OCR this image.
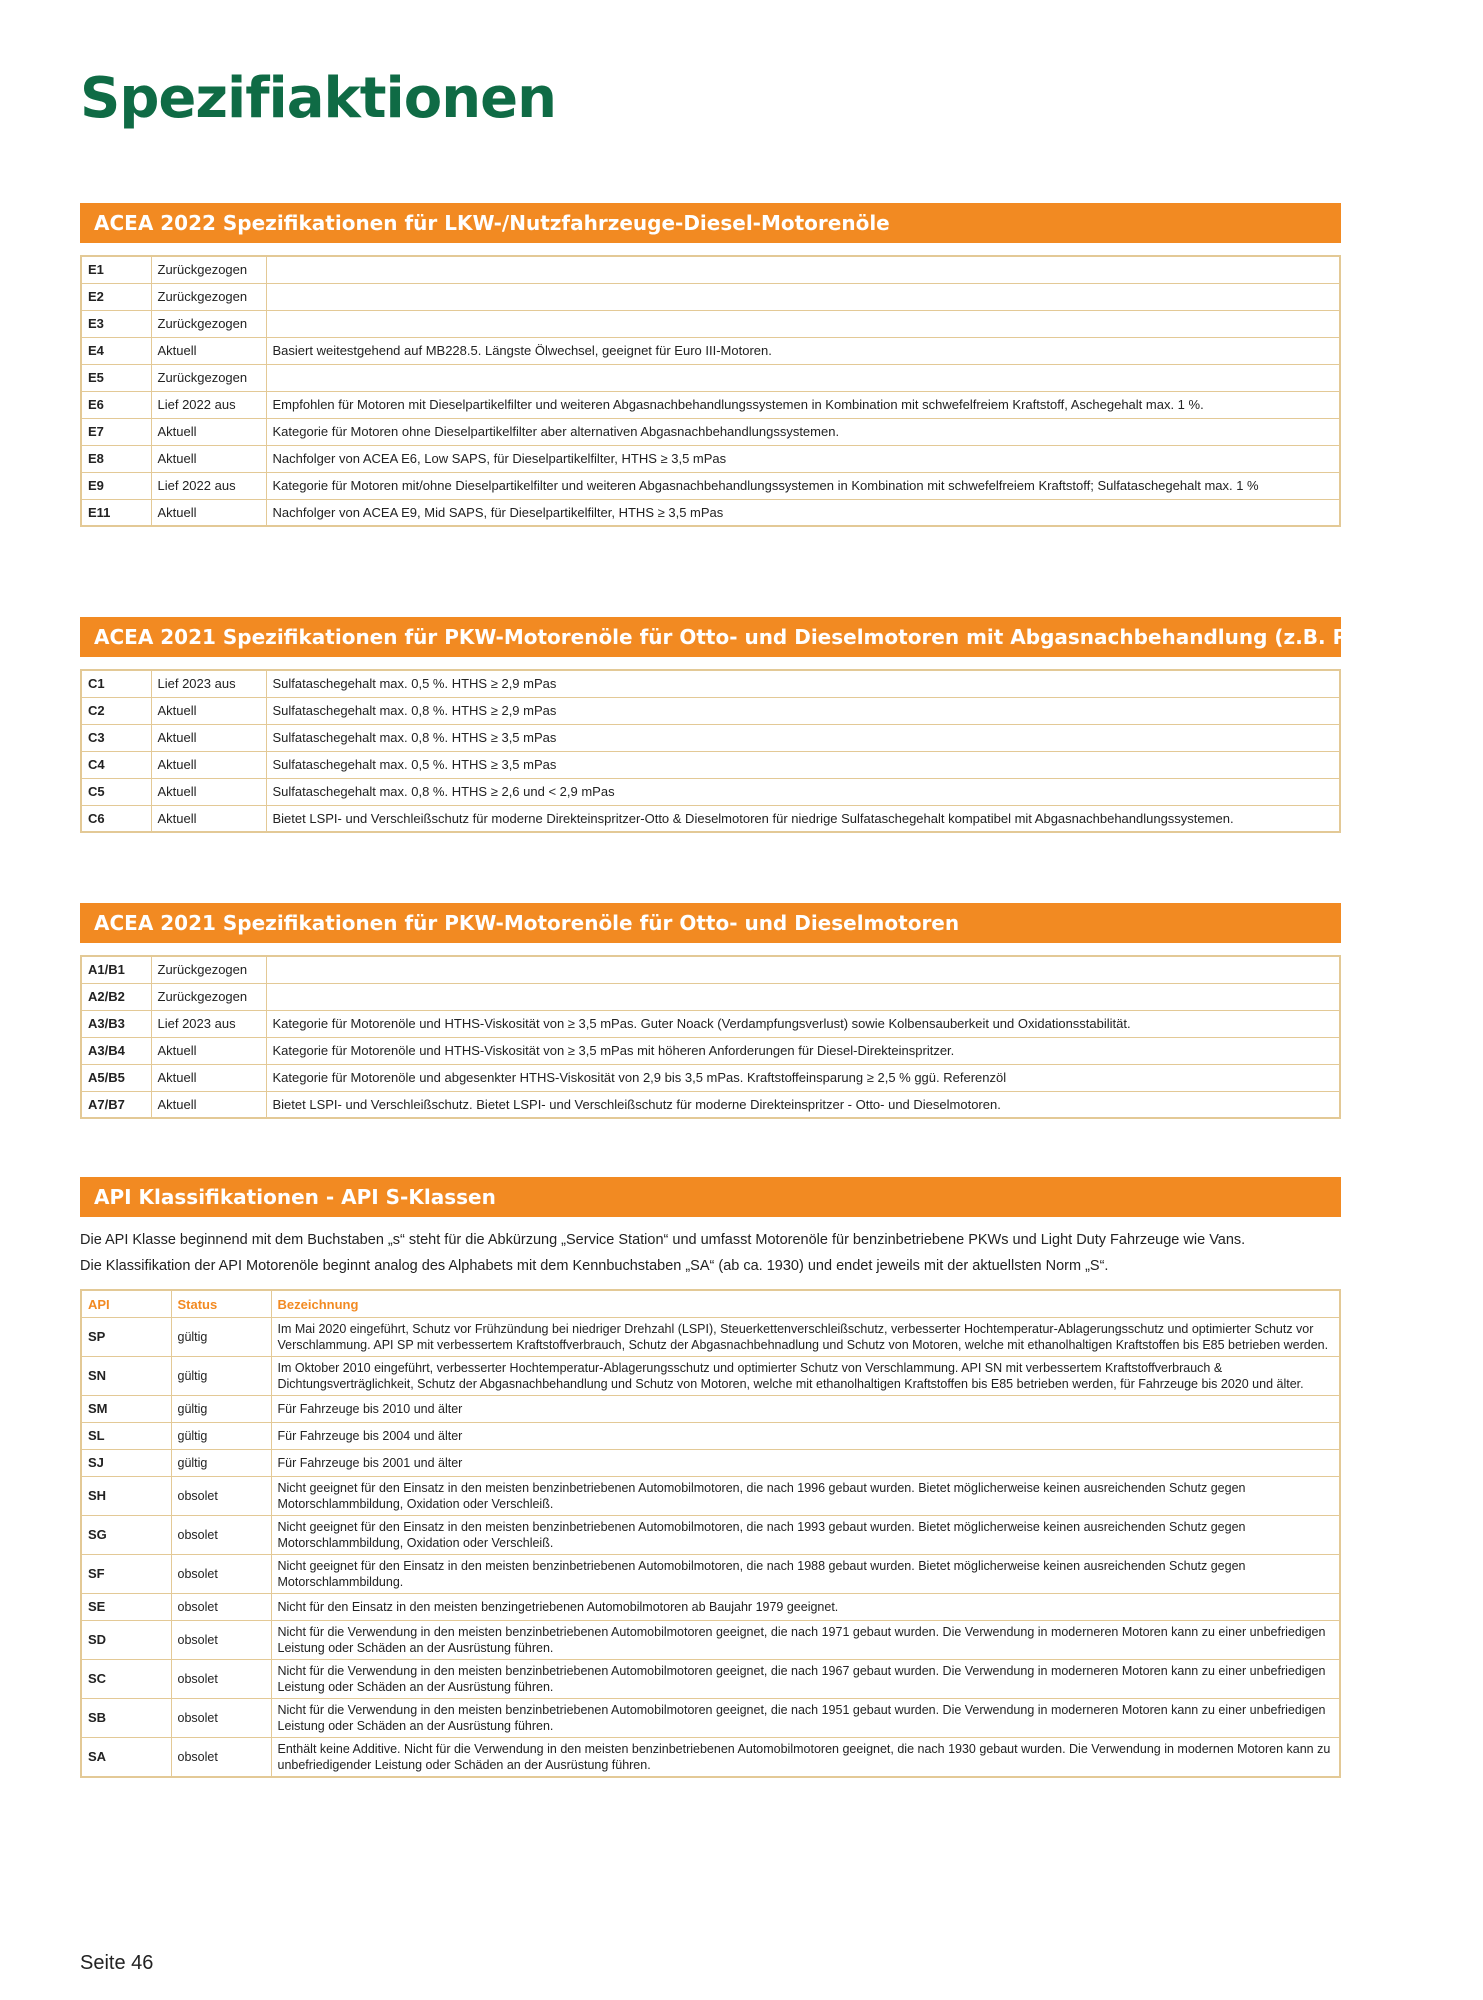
Spezifiaktionen
ACEA 2022 Spezifikationen für LKW-/Nutzfahrzeuge-Diesel-Motorenöle
E1	Zurückgezogen	
E2	Zurückgezogen	
E3	Zurückgezogen	
E4	Aktuell	Basiert weitestgehend auf MB228.5. Längste Ölwechsel, geeignet für Euro III-Motoren.
E5	Zurückgezogen	
E6	Lief 2022 aus	Empfohlen für Motoren mit Dieselpartikelfilter und weiteren Abgasnachbehandlungssystemen in Kombination mit schwefelfreiem Kraftstoff, Aschegehalt max. 1 %.
E7	Aktuell	Kategorie für Motoren ohne Dieselpartikelfilter aber alternativen Abgasnachbehandlungssystemen.
E8	Aktuell	Nachfolger von ACEA E6, Low SAPS, für Dieselpartikelfilter, HTHS ≥ 3,5 mPas
E9	Lief 2022 aus	Kategorie für Motoren mit/ohne Dieselpartikelfilter und weiteren Abgasnachbehandlungssystemen in Kombination mit schwefelfreiem Kraftstoff; Sulfataschegehalt max. 1 %
E11	Aktuell	Nachfolger von ACEA E9, Mid SAPS, für Dieselpartikelfilter, HTHS ≥ 3,5 mPas
ACEA 2021 Spezifikationen für PKW-Motorenöle für Otto- und Dieselmotoren mit Abgasnachbehandlung (z.B. Partikelfilter)
C1	Lief 2023 aus	Sulfataschegehalt max. 0,5 %. HTHS ≥ 2,9 mPas
C2	Aktuell	Sulfataschegehalt max. 0,8 %. HTHS ≥ 2,9 mPas
C3	Aktuell	Sulfataschegehalt max. 0,8 %. HTHS ≥ 3,5 mPas
C4	Aktuell	Sulfataschegehalt max. 0,5 %. HTHS ≥ 3,5 mPas
C5	Aktuell	Sulfataschegehalt max. 0,8 %. HTHS ≥ 2,6 und < 2,9 mPas
C6	Aktuell	Bietet LSPI- und Verschleißschutz für moderne Direkteinspritzer-Otto & Dieselmotoren für niedrige Sulfataschegehalt kompatibel mit Abgasnachbehandlungssystemen.
ACEA 2021 Spezifikationen für PKW-Motorenöle für Otto- und Dieselmotoren
A1/B1	Zurückgezogen	
A2/B2	Zurückgezogen	
A3/B3	Lief 2023 aus	Kategorie für Motorenöle und HTHS-Viskosität von ≥ 3,5 mPas. Guter Noack (Verdampfungsverlust) sowie Kolbensauberkeit und Oxidationsstabilität.
A3/B4	Aktuell	Kategorie für Motorenöle und HTHS-Viskosität von ≥ 3,5 mPas mit höheren Anforderungen für Diesel-Direkteinspritzer.
A5/B5	Aktuell	Kategorie für Motorenöle und abgesenkter HTHS-Viskosität von 2,9 bis 3,5 mPas. Kraftstoffeinsparung ≥ 2,5 % ggü. Referenzöl
A7/B7	Aktuell	Bietet LSPI- und Verschleißschutz. Bietet LSPI- und Verschleißschutz für moderne Direkteinspritzer - Otto- und Dieselmotoren.
API Klassifikationen - API S-Klassen
Die API Klasse beginnend mit dem Buchstaben „s“ steht für die Abkürzung „Service Station“ und umfasst Motorenöle für benzinbetriebene PKWs und Light Duty Fahrzeuge wie Vans.
Die Klassifikation der API Motorenöle beginnt analog des Alphabets mit dem Kennbuchstaben „SA“ (ab ca. 1930) und endet jeweils mit der aktuellsten Norm „S“.
API	Status	Bezeichnung
SP	gültig	Im Mai 2020 eingeführt, Schutz vor Frühzündung bei niedriger Drehzahl (LSPI), Steuerkettenverschleißschutz, verbesserter Hochtemperatur-Ablagerungsschutz und optimierter Schutz vor Verschlammung. API SP mit verbessertem Kraftstoffverbrauch, Schutz der Abgasnachbehnadlung und Schutz von Motoren, welche mit ethanolhaltigen Kraftstoffen bis E85 betrieben werden.
SN	gültig	Im Oktober 2010 eingeführt, verbesserter Hochtemperatur-Ablagerungsschutz und optimierter Schutz von Verschlammung. API SN mit verbessertem Kraftstoffverbrauch & Dichtungsverträglichkeit, Schutz der Abgasnachbehandlung und Schutz von Motoren, welche mit ethanolhaltigen Kraftstoffen bis E85 betrieben werden, für Fahrzeuge bis 2020 und älter.
SM	gültig	Für Fahrzeuge bis 2010 und älter
SL	gültig	Für Fahrzeuge bis 2004 und älter
SJ	gültig	Für Fahrzeuge bis 2001 und älter
SH	obsolet	Nicht geeignet für den Einsatz in den meisten benzinbetriebenen Automobilmotoren, die nach 1996 gebaut wurden. Bietet möglicherweise keinen ausreichenden Schutz gegen Motorschlammbildung, Oxidation oder Verschleiß.
SG	obsolet	Nicht geeignet für den Einsatz in den meisten benzinbetriebenen Automobilmotoren, die nach 1993 gebaut wurden. Bietet möglicherweise keinen ausreichenden Schutz gegen Motorschlammbildung, Oxidation oder Verschleiß.
SF	obsolet	Nicht geeignet für den Einsatz in den meisten benzinbetriebenen Automobilmotoren, die nach 1988 gebaut wurden. Bietet möglicherweise keinen ausreichenden Schutz gegen Motorschlammbildung.
SE	obsolet	Nicht für den Einsatz in den meisten benzingetriebenen Automobilmotoren ab Baujahr 1979 geeignet.
SD	obsolet	Nicht für die Verwendung in den meisten benzinbetriebenen Automobilmotoren geeignet, die nach 1971 gebaut wurden. Die Verwendung in moderneren Motoren kann zu einer unbefriedigen Leistung oder Schäden an der Ausrüstung führen.
SC	obsolet	Nicht für die Verwendung in den meisten benzinbetriebenen Automobilmotoren geeignet, die nach 1967 gebaut wurden. Die Verwendung in moderneren Motoren kann zu einer unbefriedigen Leistung oder Schäden an der Ausrüstung führen.
SB	obsolet	Nicht für die Verwendung in den meisten benzinbetriebenen Automobilmotoren geeignet, die nach 1951 gebaut wurden. Die Verwendung in moderneren Motoren kann zu einer unbefriedigen Leistung oder Schäden an der Ausrüstung führen.
SA	obsolet	Enthält keine Additive. Nicht für die Verwendung in den meisten benzinbetriebenen Automobilmotoren geeignet, die nach 1930 gebaut wurden. Die Verwendung in modernen Motoren kann zu unbefriedigender Leistung oder Schäden an der Ausrüstung führen.
Seite 46
